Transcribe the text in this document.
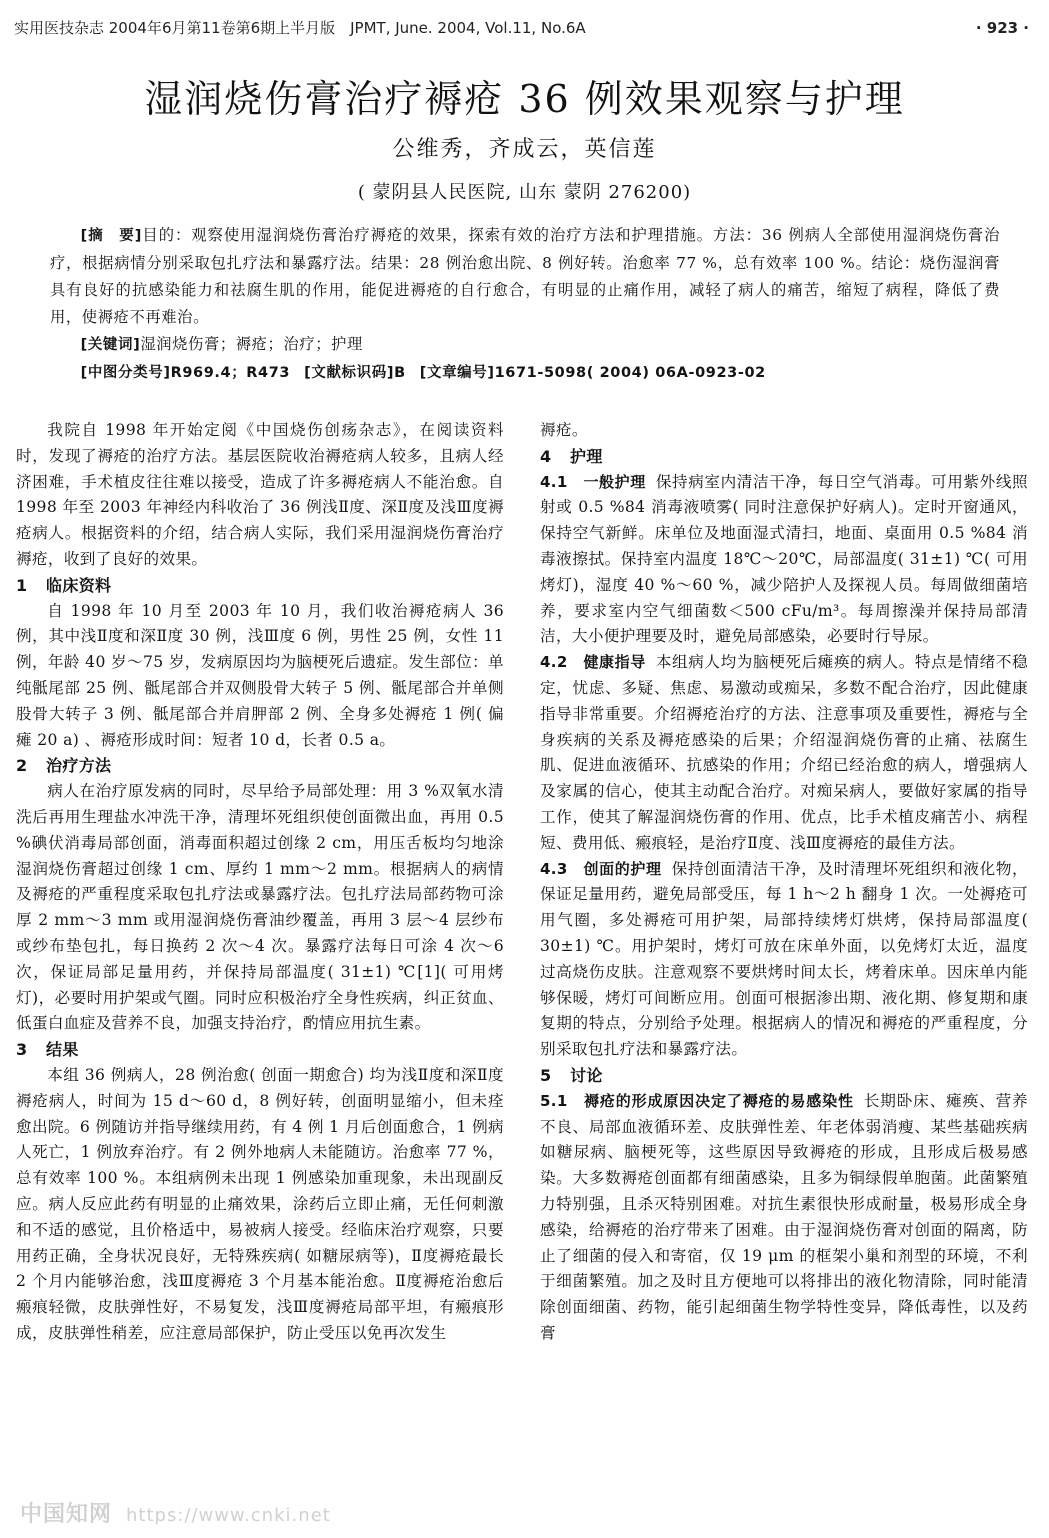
实用医技杂志 2004年6月第11卷第6期上半月版　JPMT, June. 2004, Vol.11, No.6A	· 923 ·
湿润烧伤膏治疗褥疮 36 例效果观察与护理
公维秀，齐成云，英信莲
( 蒙阴县人民医院, 山东 蒙阴 276200)

[摘　要]目的：观察使用湿润烧伤膏治疗褥疮的效果，探索有效的治疗方法和护理措施。方法：36 例病人全部使用湿润烧伤膏治疗，根据病情分别采取包扎疗法和暴露疗法。结果：28 例治愈出院、8 例好转。治愈率 77 %，总有效率 100 %。结论：烧伤湿润膏具有良好的抗感染能力和祛腐生肌的作用，能促进褥疮的自行愈合，有明显的止痛作用，减轻了病人的痛苦，缩短了病程，降低了费用，使褥疮不再难治。

[关键词]湿润烧伤膏；褥疮；治疗；护理

[中图分类号]R969.4；R473 [文献标识码]B [文章编号]1671-5098( 2004) 06A-0923-02

我院自 1998 年开始定阅《中国烧伤创疡杂志》，在阅读资料时，发现了褥疮的治疗方法。基层医院收治褥疮病人较多，且病人经济困难，手术植皮往往难以接受，造成了许多褥疮病人不能治愈。自 1998 年至 2003 年神经内科收治了 36 例浅Ⅱ度、深Ⅱ度及浅Ⅲ度褥疮病人。根据资料的介绍，结合病人实际，我们采用湿润烧伤膏治疗褥疮，收到了良好的效果。

1 临床资料

自 1998 年 10 月至 2003 年 10 月，我们收治褥疮病人 36 例，其中浅Ⅱ度和深Ⅱ度 30 例，浅Ⅲ度 6 例，男性 25 例，女性 11 例，年龄 40 岁～75 岁，发病原因均为脑梗死后遗症。发生部位：单纯骶尾部 25 例、骶尾部合并双侧股骨大转子 5 例、骶尾部合并单侧股骨大转子 3 例、骶尾部合并肩胛部 2 例、全身多处褥疮 1 例( 偏瘫 20 a) 、褥疮形成时间：短者 10 d，长者 0.5 a。

2 治疗方法

病人在治疗原发病的同时，尽早给予局部处理：用 3 %双氧水清洗后再用生理盐水冲洗干净，清理坏死组织使创面微出血，再用 0.5 %碘伏消毒局部创面，消毒面积超过创缘 2 cm，用压舌板均匀地涂湿润烧伤膏超过创缘 1 cm、厚约 1 mm～2 mm。根据病人的病情及褥疮的严重程度采取包扎疗法或暴露疗法。包扎疗法局部药物可涂厚 2 mm～3 mm 或用湿润烧伤膏油纱覆盖，再用 3 层～4 层纱布或纱布垫包扎，每日换药 2 次～4 次。暴露疗法每日可涂 4 次～6 次，保证局部足量用药，并保持局部温度( 31±1) ℃[1]( 可用烤灯)，必要时用护架或气圈。同时应积极治疗全身性疾病，纠正贫血、低蛋白血症及营养不良，加强支持治疗，酌情应用抗生素。

3 结果

本组 36 例病人，28 例治愈( 创面一期愈合) 均为浅Ⅱ度和深Ⅱ度褥疮病人，时间为 15 d～60 d，8 例好转，创面明显缩小，但未痊愈出院。6 例随访并指导继续用药，有 4 例 1 月后创面愈合，1 例病人死亡，1 例放弃治疗。有 2 例外地病人未能随访。治愈率 77 %，总有效率 100 %。本组病例未出现 1 例感染加重现象，未出现副反应。病人反应此药有明显的止痛效果，涂药后立即止痛，无任何刺激和不适的感觉，且价格适中，易被病人接受。经临床治疗观察，只要用药正确，全身状况良好，无特殊疾病( 如糖尿病等)，Ⅱ度褥疮最长 2 个月内能够治愈，浅Ⅲ度褥疮 3 个月基本能治愈。Ⅱ度褥疮治愈后瘢痕轻微，皮肤弹性好，不易复发，浅Ⅲ度褥疮局部平坦，有瘢痕形成，皮肤弹性稍差，应注意局部保护，防止受压以免再次发生

褥疮。

4 护理

4.1　一般护理 保持病室内清洁干净，每日空气消毒。可用紫外线照射或 0.5 %84 消毒液喷雾( 同时注意保护好病人)。定时开窗通风，保持空气新鲜。床单位及地面湿式清扫，地面、桌面用 0.5 %84 消毒液擦拭。保持室内温度 18℃～20℃，局部温度( 31±1) ℃( 可用烤灯)，湿度 40 %～60 %，减少陪护人及探视人员。每周做细菌培养，要求室内空气细菌数＜500 cFu/m³。每周擦澡并保持局部清洁，大小便护理要及时，避免局部感染，必要时行导尿。

4.2　健康指导 本组病人均为脑梗死后瘫痪的病人。特点是情绪不稳定，忧虑、多疑、焦虑、易激动或痴呆，多数不配合治疗，因此健康指导非常重要。介绍褥疮治疗的方法、注意事项及重要性，褥疮与全身疾病的关系及褥疮感染的后果；介绍湿润烧伤膏的止痛、祛腐生肌、促进血液循环、抗感染的作用；介绍已经治愈的病人，增强病人及家属的信心，使其主动配合治疗。对痴呆病人，要做好家属的指导工作，使其了解湿润烧伤膏的作用、优点，比手术植皮痛苦小、病程短、费用低、瘢痕轻，是治疗Ⅱ度、浅Ⅲ度褥疮的最佳方法。

4.3　创面的护理 保持创面清洁干净，及时清理坏死组织和液化物，保证足量用药，避免局部受压，每 1 h～2 h 翻身 1 次。一处褥疮可用气圈，多处褥疮可用护架，局部持续烤灯烘烤，保持局部温度( 30±1) ℃。用护架时，烤灯可放在床单外面，以免烤灯太近，温度过高烧伤皮肤。注意观察不要烘烤时间太长，烤着床单。因床单内能够保暖，烤灯可间断应用。创面可根据渗出期、液化期、修复期和康复期的特点，分别给予处理。根据病人的情况和褥疮的严重程度，分别采取包扎疗法和暴露疗法。

5 讨论

5.1　褥疮的形成原因决定了褥疮的易感染性 长期卧床、瘫痪、营养不良、局部血液循环差、皮肤弹性差、年老体弱消瘦、某些基础疾病如糖尿病、脑梗死等，这些原因导致褥疮的形成，且形成后极易感染。大多数褥疮创面都有细菌感染，且多为铜绿假单胞菌。此菌繁殖力特别强，且杀灭特别困难。对抗生素很快形成耐量，极易形成全身感染，给褥疮的治疗带来了困难。由于湿润烧伤膏对创面的隔离，防止了细菌的侵入和寄宿，仅 19 μm 的框架小巢和剂型的环境，不利于细菌繁殖。加之及时且方便地可以将排出的液化物清除，同时能清除创面细菌、药物，能引起细菌生物学特性变异，降低毒性，以及药膏

中国知网 https://www.cnki.net
